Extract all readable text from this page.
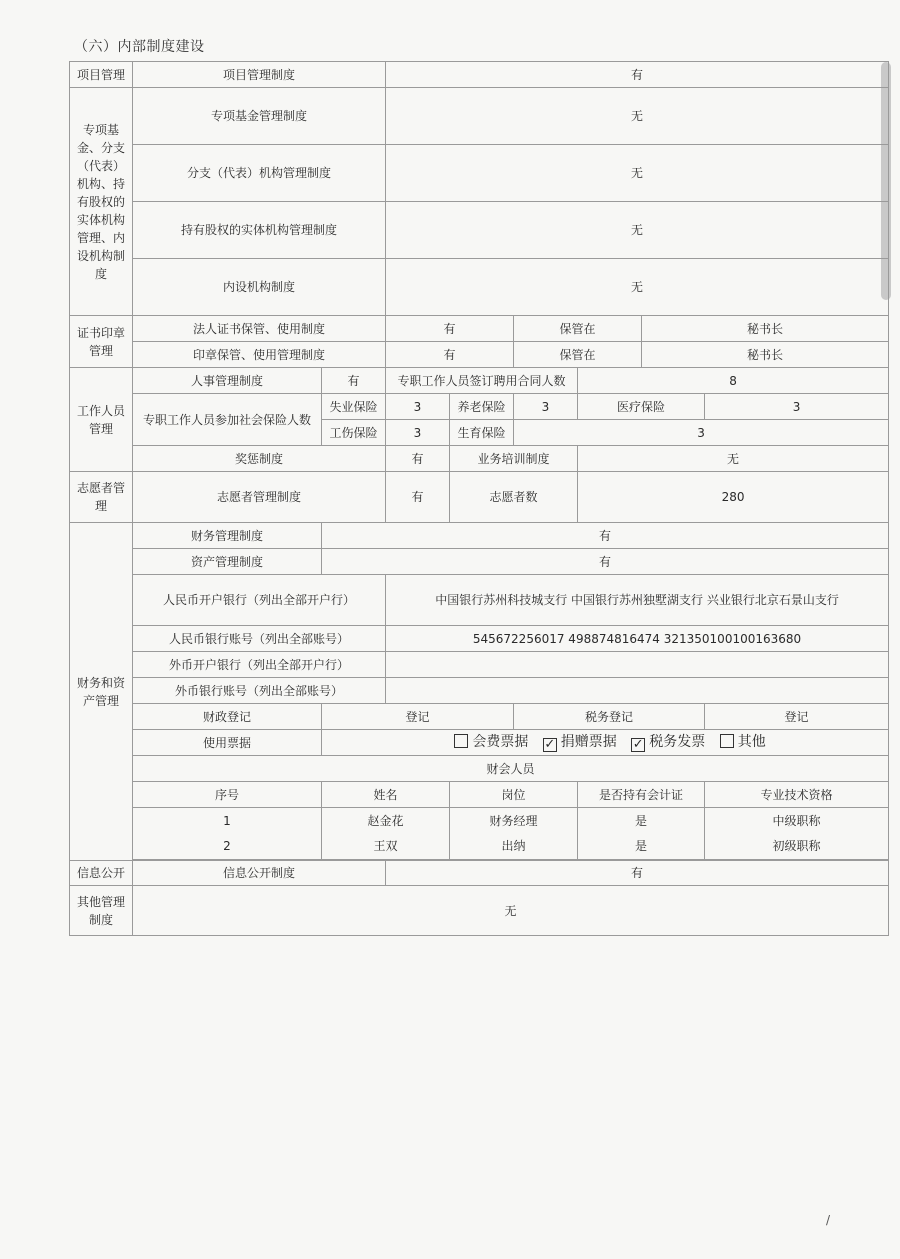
（六）内部制度建设
项目管理	项目管理制度		有					
专项基金、分支（代表）机构、持有股权的实体机构管理、内设机构制度	专项基金管理制度		无					
	分支（代表）机构管理制度		无					
	持有股权的实体机构管理制度		无					
	内设机构制度		无					
证书印章管理	法人证书保管、使用制度		有		保管在		秘书长	
	印章保管、使用管理制度		有		保管在		秘书长	
工作人员管理	人事管理制度	有	专职工作人员签订聘用合同人数			8		
	专职工作人员参加社会保险人数	失业保险	3	养老保险	3	医疗保险		3
		工伤保险	3	生育保险	3			
	奖惩制度		有	业务培训制度		无		
志愿者管理	志愿者管理制度		有	志愿者数		280		
财务和资产管理	财务管理制度	有						
	资产管理制度	有						
	人民币开户银行（列出全部开户行）		中国银行苏州科技城支行 中国银行苏州独墅湖支行 兴业银行北京石景山支行					
	人民币银行账号（列出全部账号）		545672256017 498874816474 321350100100163680					
	外币开户银行（列出全部开户行）							
	外币银行账号（列出全部账号）							
	财政登记	登记			税务登记			登记
	使用票据	会费票据 ✓ 捐赠票据 ✓ 税务发票 其他						
	财会人员							
	序号	姓名		岗位		是否持有会计证		专业技术资格
	1	赵金花		财务经理		是		中级职称
	2	王双		出纳		是		初级职称

信息公开	信息公开制度		有					
其他管理制度	无							
/
